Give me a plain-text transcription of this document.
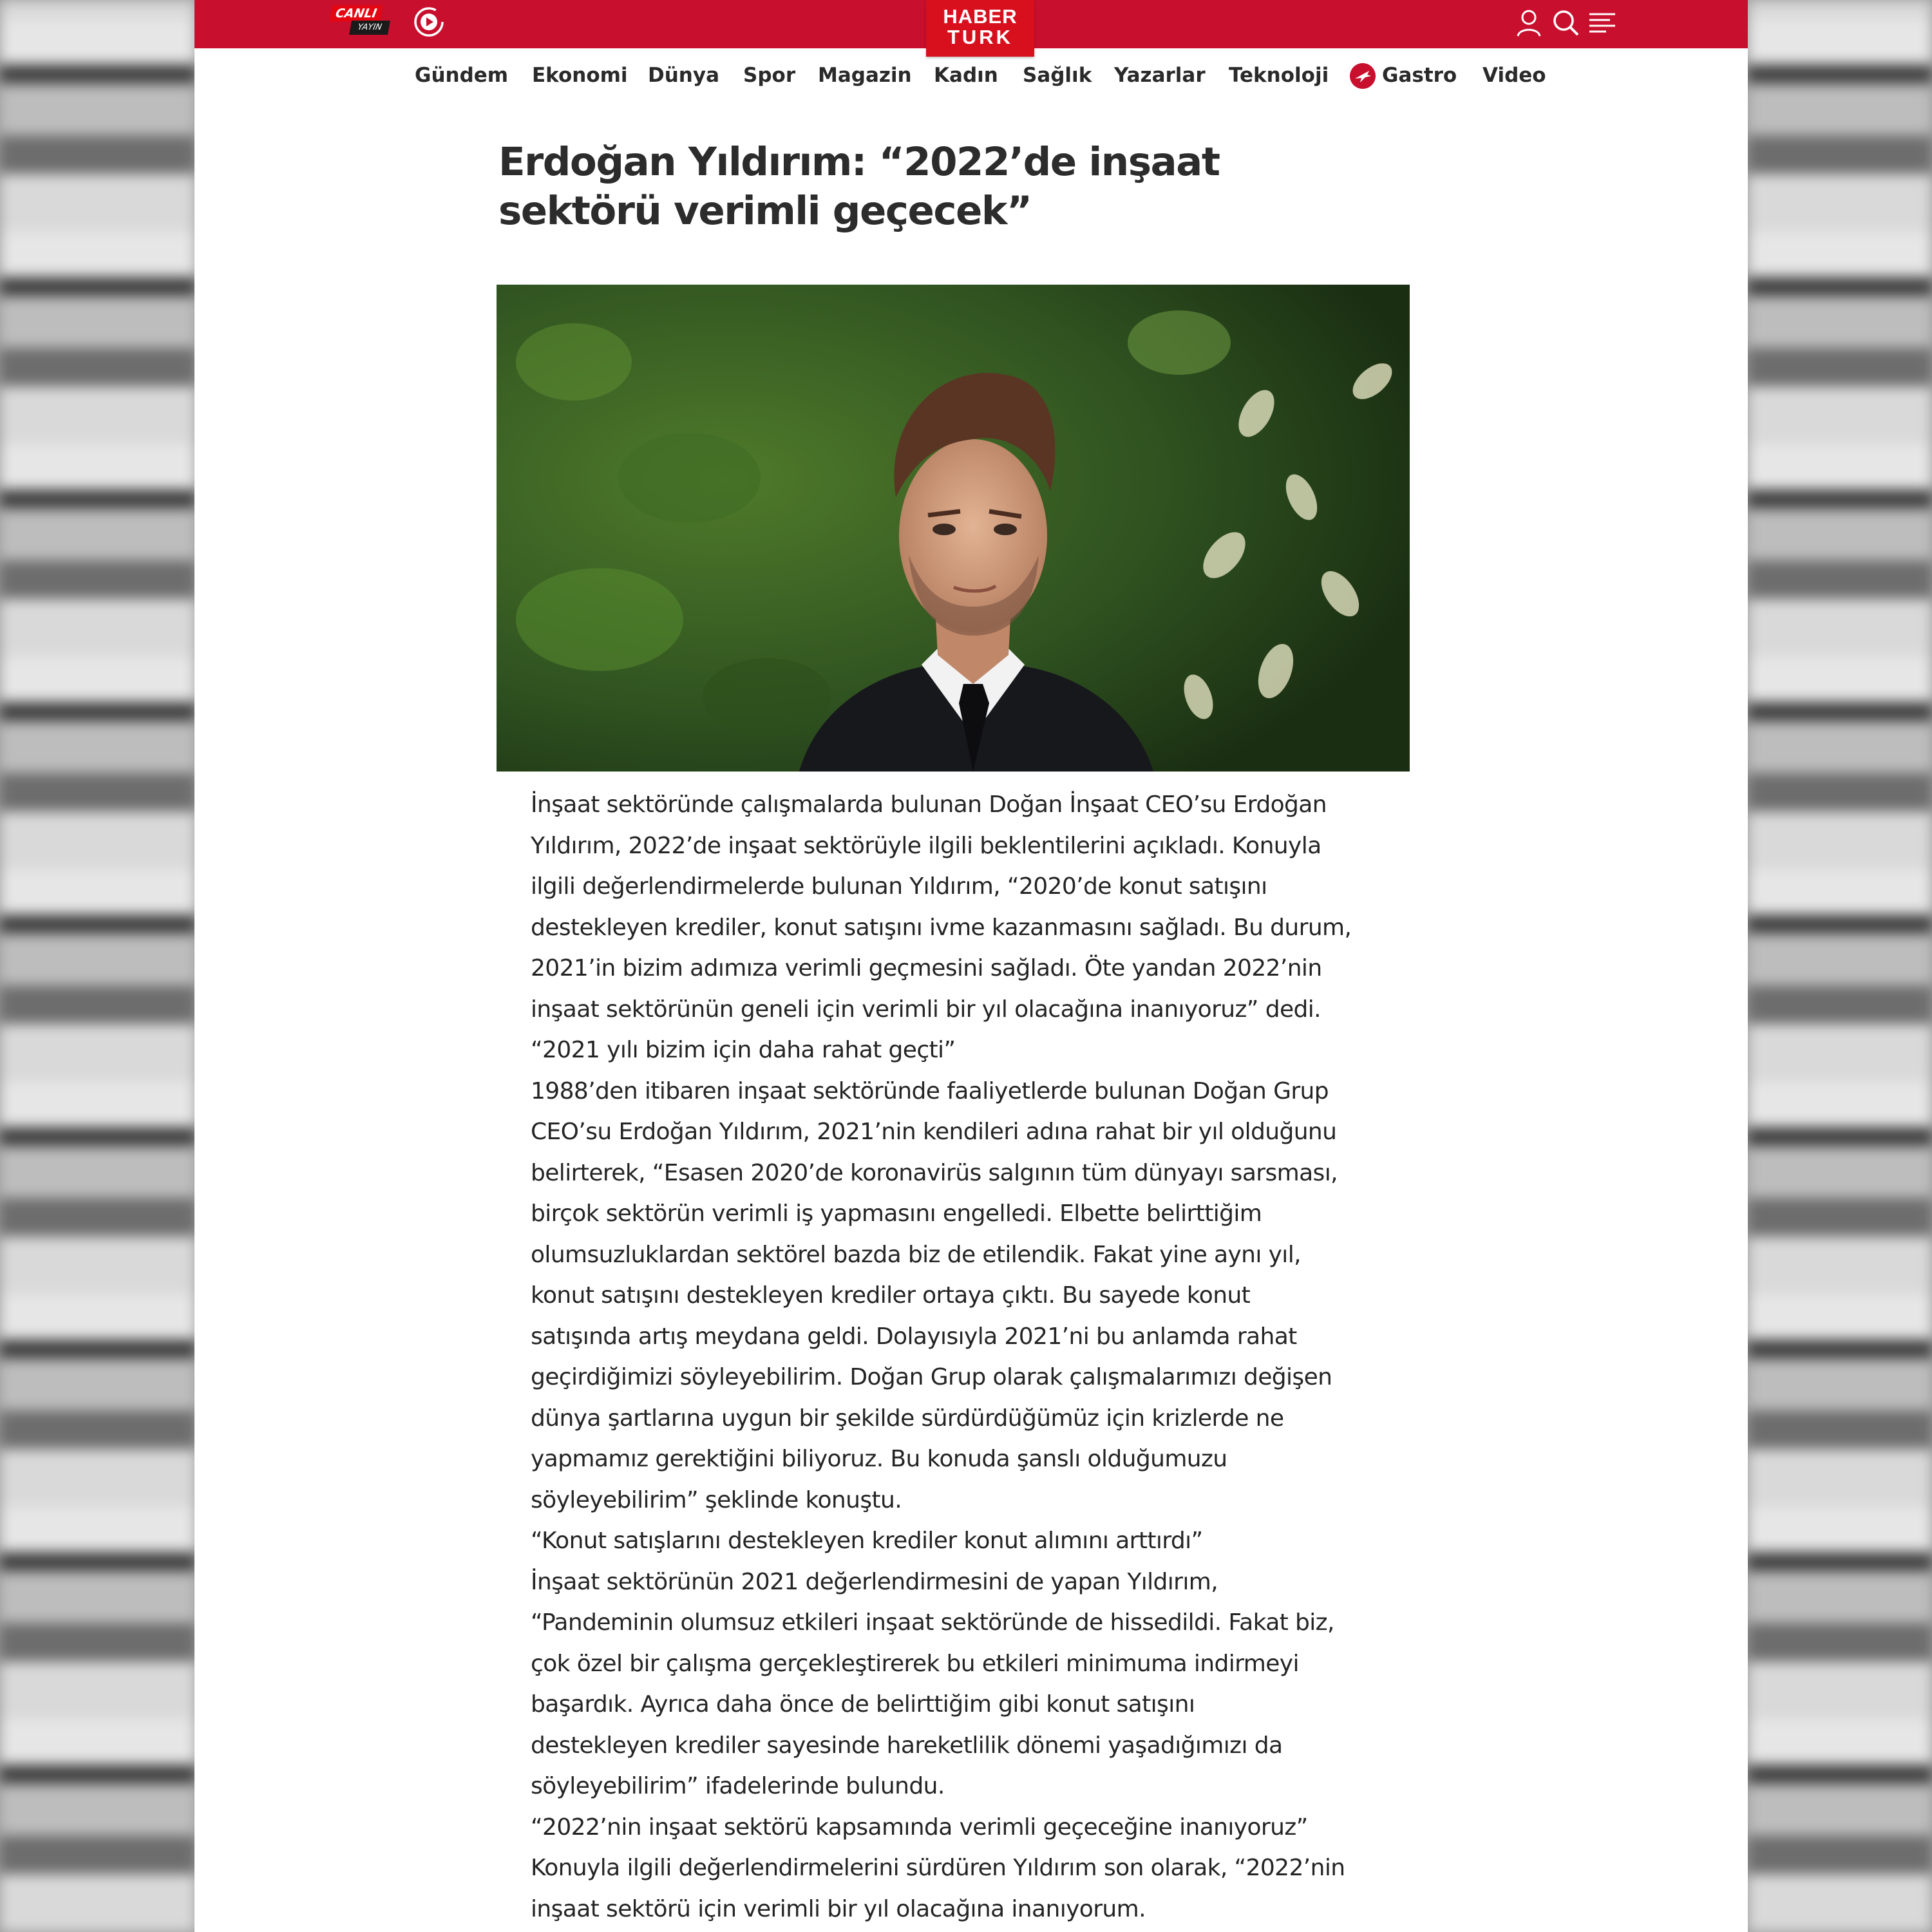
CANLI
YAYIN	HABER
TURK
Gündem Ekonomi Dünya Spor Magazin Kadın Sağlık Yazarlar Teknoloji	Gastro Video
Erdoğan Yıldırım: “2022’de inşaat sektörü verimli geçecek”

İnşaat sektöründe çalışmalarda bulunan Doğan İnşaat CEO’su Erdoğan

Yıldırım, 2022’de inşaat sektörüyle ilgili beklentilerini açıkladı. Konuyla

ilgili değerlendirmelerde bulunan Yıldırım, “2020’de konut satışını

destekleyen krediler, konut satışını ivme kazanmasını sağladı. Bu durum,

2021’in bizim adımıza verimli geçmesini sağladı. Öte yandan 2022’nin

inşaat sektörünün geneli için verimli bir yıl olacağına inanıyoruz” dedi.

“2021 yılı bizim için daha rahat geçti”

1988’den itibaren inşaat sektöründe faaliyetlerde bulunan Doğan Grup

CEO’su Erdoğan Yıldırım, 2021’nin kendileri adına rahat bir yıl olduğunu

belirterek, “Esasen 2020’de koronavirüs salgının tüm dünyayı sarsması,

birçok sektörün verimli iş yapmasını engelledi. Elbette belirttiğim

olumsuzluklardan sektörel bazda biz de etilendik. Fakat yine aynı yıl,

konut satışını destekleyen krediler ortaya çıktı. Bu sayede konut

satışında artış meydana geldi. Dolayısıyla 2021’ni bu anlamda rahat

geçirdiğimizi söyleyebilirim. Doğan Grup olarak çalışmalarımızı değişen

dünya şartlarına uygun bir şekilde sürdürdüğümüz için krizlerde ne

yapmamız gerektiğini biliyoruz. Bu konuda şanslı olduğumuzu

söyleyebilirim” şeklinde konuştu.

“Konut satışlarını destekleyen krediler konut alımını arttırdı”

İnşaat sektörünün 2021 değerlendirmesini de yapan Yıldırım,

“Pandeminin olumsuz etkileri inşaat sektöründe de hissedildi. Fakat biz,

çok özel bir çalışma gerçekleştirerek bu etkileri minimuma indirmeyi

başardık. Ayrıca daha önce de belirttiğim gibi konut satışını

destekleyen krediler sayesinde hareketlilik dönemi yaşadığımızı da

söyleyebilirim” ifadelerinde bulundu.

“2022’nin inşaat sektörü kapsamında verimli geçeceğine inanıyoruz”

Konuyla ilgili değerlendirmelerini sürdüren Yıldırım son olarak, “2022’nin

inşaat sektörü için verimli bir yıl olacağına inanıyorum.
